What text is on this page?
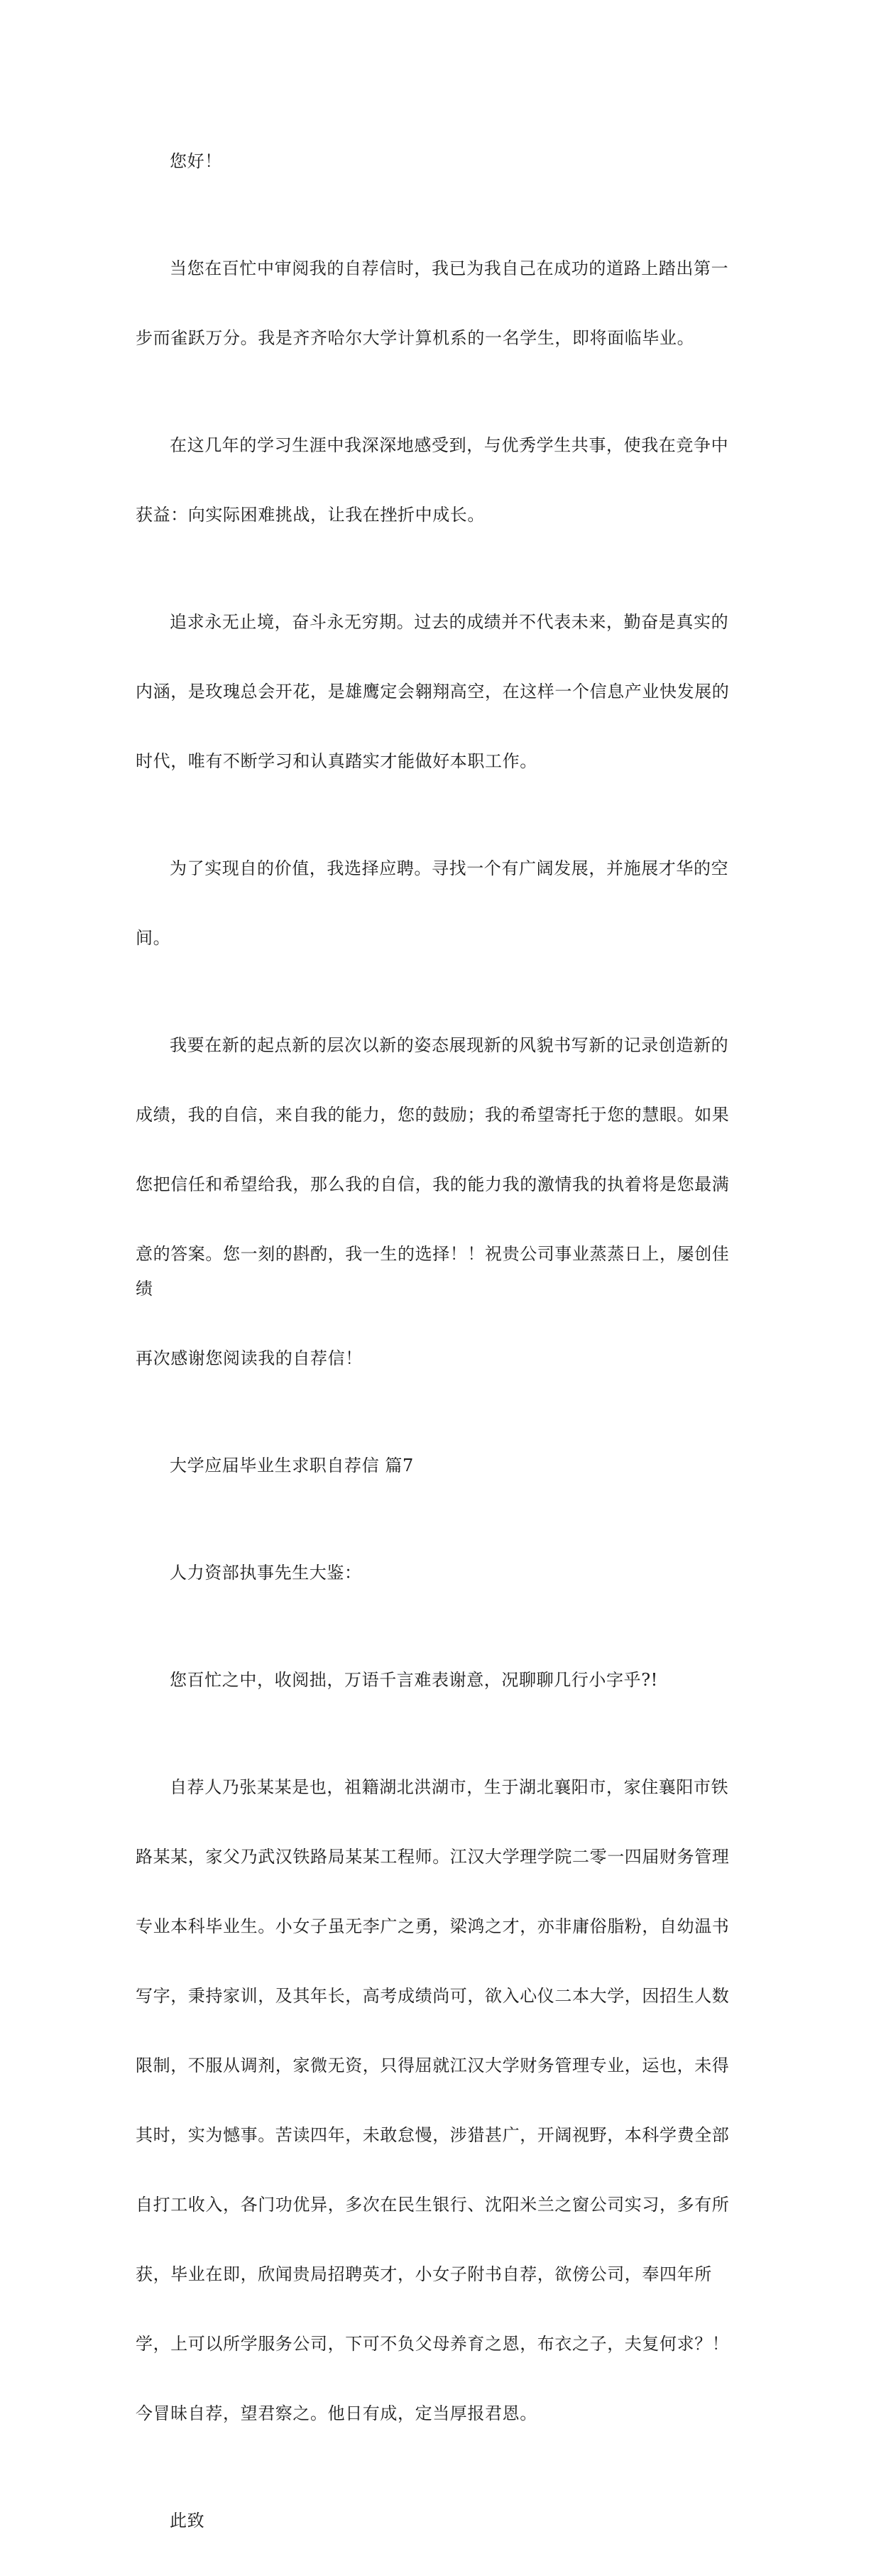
您好！

当您在百忙中审阅我的自荐信时，我已为我自己在成功的道路上踏出第一

步而雀跃万分。我是齐齐哈尔大学计算机系的一名学生，即将面临毕业。

在这几年的学习生涯中我深深地感受到，与优秀学生共事，使我在竞争中

获益：向实际困难挑战，让我在挫折中成长。

追求永无止境，奋斗永无穷期。过去的成绩并不代表未来，勤奋是真实的

内涵，是玫瑰总会开花，是雄鹰定会翱翔高空，在这样一个信息产业快发展的

时代，唯有不断学习和认真踏实才能做好本职工作。

为了实现自的价值，我选择应聘。寻找一个有广阔发展，并施展才华的空

间。

我要在新的起点新的层次以新的姿态展现新的风貌书写新的记录创造新的

成绩，我的自信，来自我的能力，您的鼓励；我的希望寄托于您的慧眼。如果

您把信任和希望给我，那么我的自信，我的能力我的激情我的执着将是您最满

意的答案。您一刻的斟酌，我一生的选择！！祝贵公司事业蒸蒸日上，屡创佳绩

再次感谢您阅读我的自荐信！

大学应届毕业生求职自荐信 篇7

人力资部执事先生大鉴：

您百忙之中，收阅拙，万语千言难表谢意，况聊聊几行小字乎?!

自荐人乃张某某是也，祖籍湖北洪湖市，生于湖北襄阳市，家住襄阳市铁

路某某，家父乃武汉铁路局某某工程师。江汉大学理学院二零一四届财务管理

专业本科毕业生。小女子虽无李广之勇，梁鸿之才，亦非庸俗脂粉，自幼温书

写字，秉持家训，及其年长，高考成绩尚可，欲入心仪二本大学，因招生人数

限制，不服从调剂，家微无资，只得屈就江汉大学财务管理专业，运也，未得

其时，实为憾事。苦读四年，未敢怠慢，涉猎甚广，开阔视野，本科学费全部

自打工收入，各门功优异，多次在民生银行、沈阳米兰之窗公司实习，多有所

获，毕业在即，欣闻贵局招聘英才，小女子附书自荐，欲傍公司，奉四年所

学，上可以所学服务公司，下可不负父母养育之恩，布衣之子，夫复何求？！

今冒昧自荐，望君察之。他日有成，定当厚报君恩。

此致
